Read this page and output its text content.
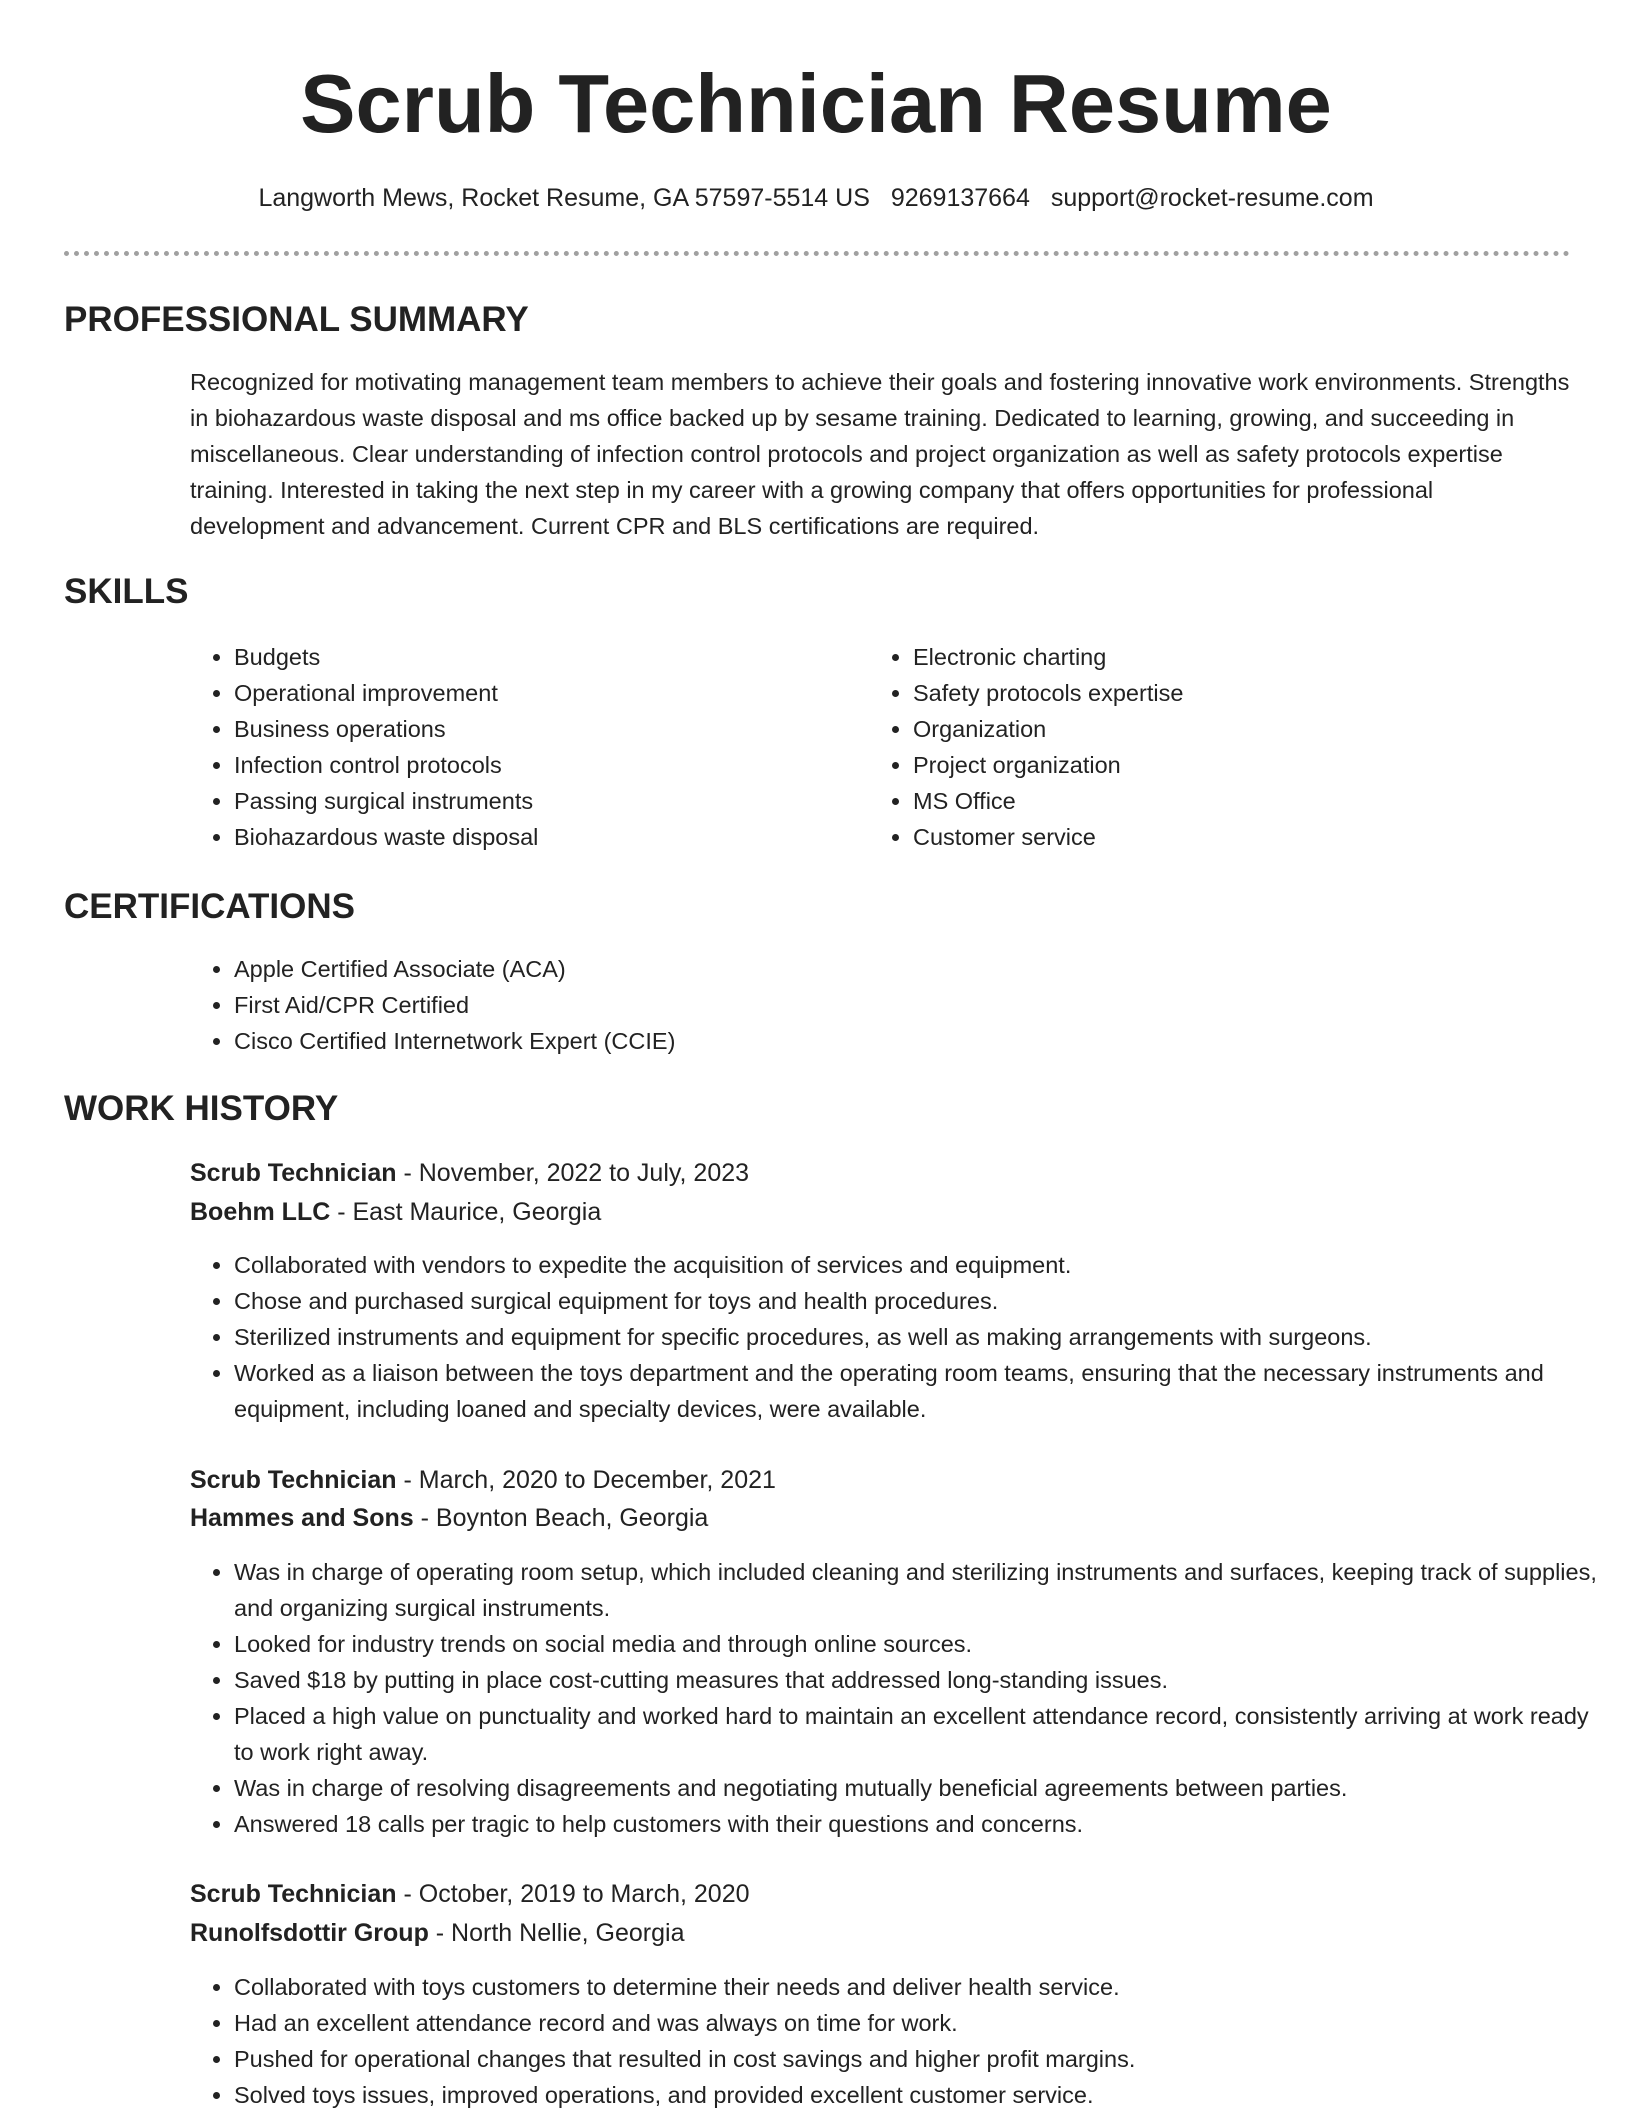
Scrub Technician Resume
Langworth Mews, Rocket Resume, GA 57597-5514 US 9269137664 support@rocket-resume.com
PROFESSIONAL SUMMARY

Recognized for motivating management team members to achieve their goals and fostering innovative work environments. Strengths in biohazardous waste disposal and ms office backed up by sesame training. Dedicated to learning, growing, and succeeding in miscellaneous. Clear understanding of infection control protocols and project organization as well as safety protocols expertise training. Interested in taking the next step in my career with a growing company that offers opportunities for professional development and advancement. Current CPR and BLS certifications are required.

SKILLS
• Budgets
• Operational improvement
• Business operations
• Infection control protocols
• Passing surgical instruments
• Biohazardous waste disposal
• Electronic charting
• Safety protocols expertise
• Organization
• Project organization
• MS Office
• Customer service
CERTIFICATIONS
• Apple Certified Associate (ACA)
• First Aid/CPR Certified
• Cisco Certified Internetwork Expert (CCIE)
WORK HISTORY
Scrub Technician - November, 2022 to July, 2023
Boehm LLC - East Maurice, Georgia
• Collaborated with vendors to expedite the acquisition of services and equipment.
• Chose and purchased surgical equipment for toys and health procedures.
• Sterilized instruments and equipment for specific procedures, as well as making arrangements with surgeons.
• Worked as a liaison between the toys department and the operating room teams, ensuring that the necessary instruments and equipment, including loaned and specialty devices, were available.
Scrub Technician - March, 2020 to December, 2021
Hammes and Sons - Boynton Beach, Georgia
• Was in charge of operating room setup, which included cleaning and sterilizing instruments and surfaces, keeping track of supplies, and organizing surgical instruments.
• Looked for industry trends on social media and through online sources.
• Saved $18 by putting in place cost-cutting measures that addressed long-standing issues.
• Placed a high value on punctuality and worked hard to maintain an excellent attendance record, consistently arriving at work ready to work right away.
• Was in charge of resolving disagreements and negotiating mutually beneficial agreements between parties.
• Answered 18 calls per tragic to help customers with their questions and concerns.
Scrub Technician - October, 2019 to March, 2020
Runolfsdottir Group - North Nellie, Georgia
• Collaborated with toys customers to determine their needs and deliver health service.
• Had an excellent attendance record and was always on time for work.
• Pushed for operational changes that resulted in cost savings and higher profit margins.
• Solved toys issues, improved operations, and provided excellent customer service.
